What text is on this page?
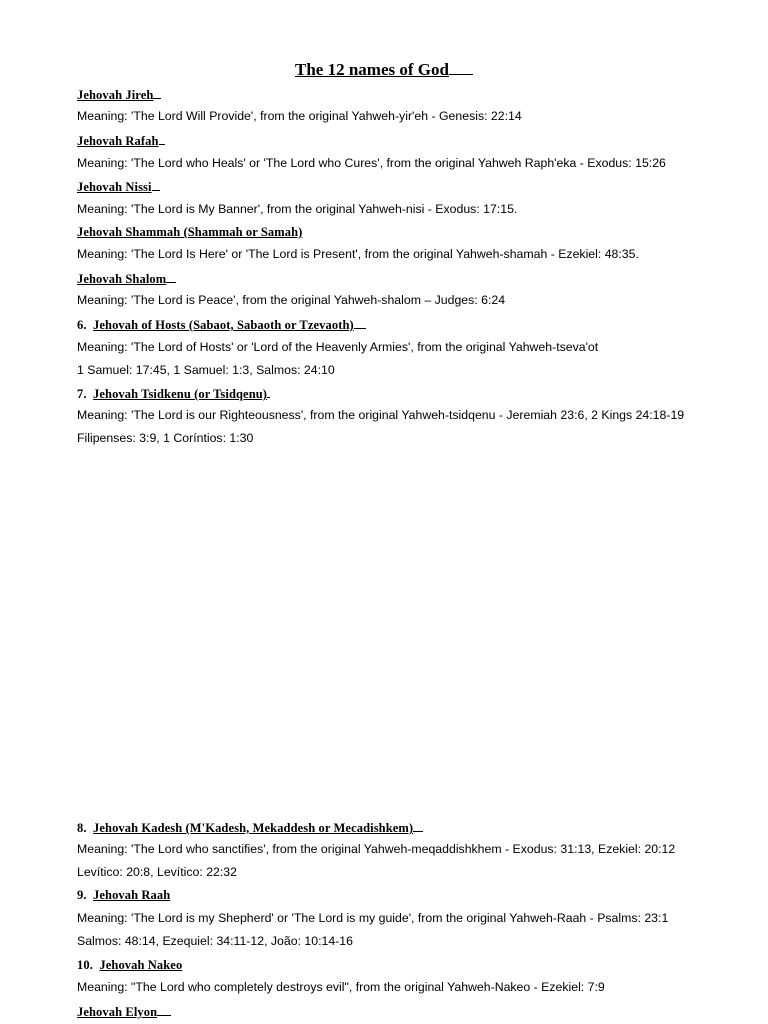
The 12 names of God
Jehovah Jireh
Meaning: 'The Lord Will Provide', from the original Yahweh-yir'eh - Genesis: 22:14
Jehovah Rafah
Meaning: 'The Lord who Heals' or 'The Lord who Cures', from the original Yahweh Raph'eka - Exodus: 15:26
Jehovah Nissi
Meaning: 'The Lord is My Banner', from the original Yahweh-nisi - Exodus: 17:15.
Jehovah Shammah (Shammah or Samah)
Meaning: 'The Lord Is Here' or 'The Lord is Present', from the original Yahweh-shamah - Ezekiel: 48:35.
Jehovah Shalom
Meaning: 'The Lord is Peace', from the original Yahweh-shalom – Judges: 6:24
6. Jehovah of Hosts (Sabaot, Sabaoth or Tzevaoth)
Meaning: 'The Lord of Hosts' or 'Lord of the Heavenly Armies', from the original Yahweh-tseva'ot
1 Samuel: 17:45, 1 Samuel: 1:3, Salmos: 24:10
7. Jehovah Tsidkenu (or Tsidqenu)
Meaning: 'The Lord is our Righteousness', from the original Yahweh-tsidqenu - Jeremiah 23:6, 2 Kings 24:18-19
Filipenses: 3:9, 1 Coríntios: 1:30
8. Jehovah Kadesh (M'Kadesh, Mekaddesh or Mecadishkem)
Meaning: 'The Lord who sanctifies', from the original Yahweh-meqaddishkhem - Exodus: 31:13, Ezekiel: 20:12
Levítico: 20:8, Levítico: 22:32
9. Jehovah Raah
Meaning: 'The Lord is my Shepherd' or 'The Lord is my guide', from the original Yahweh-Raah - Psalms: 23:1
Salmos: 48:14, Ezequiel: 34:11-12, João: 10:14-16
10. Jehovah Nakeo
Meaning: "The Lord who completely destroys evil", from the original Yahweh-Nakeo - Ezekiel: 7:9
Jehovah Elyon
